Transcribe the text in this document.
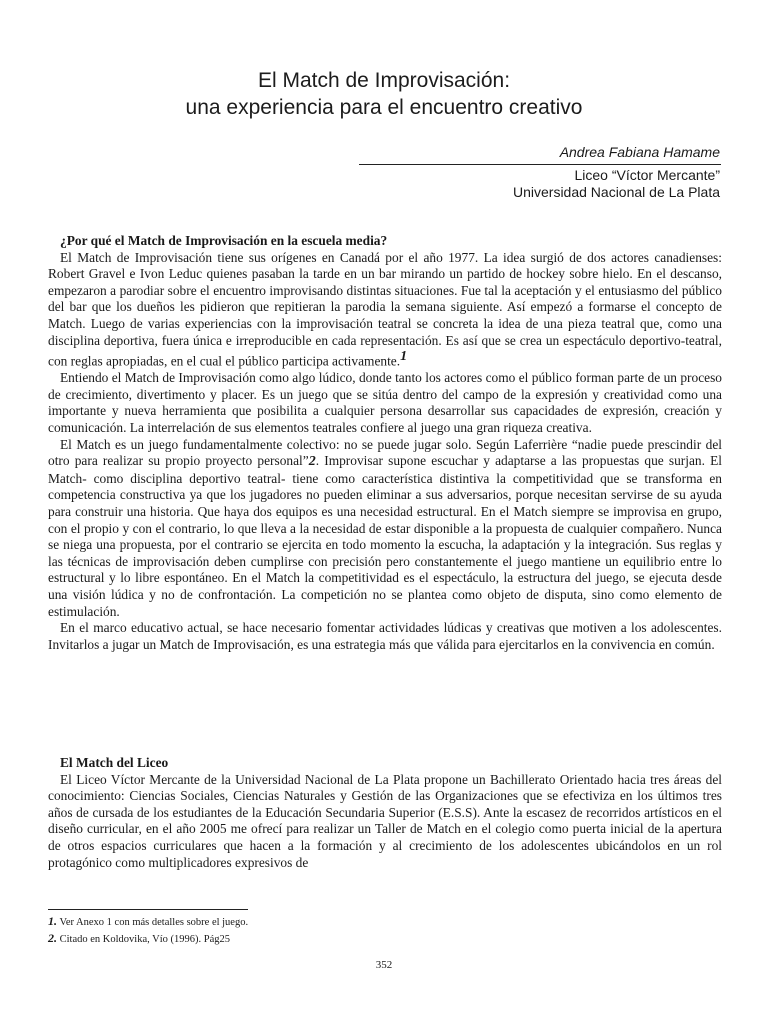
El Match de Improvisación:
una experiencia para el encuentro creativo
Andrea Fabiana Hamame
Liceo “Víctor Mercante”
Universidad Nacional de La Plata
¿Por qué el Match de Improvisación en la escuela media?

El Match de Improvisación tiene sus orígenes en Canadá por el año 1977. La idea surgió de dos actores canadienses: Robert Gravel e Ivon Leduc quienes pasaban la tarde en un bar mirando un partido de hockey sobre hielo. En el descanso, empezaron a parodiar sobre el encuentro improvisando distintas situaciones. Fue tal la aceptación y el entusiasmo del público del bar que los dueños les pidieron que repitieran la parodia la semana siguiente. Así empezó a formarse el concepto de Match. Luego de varias experiencias con la improvisación teatral se concreta la idea de una pieza teatral que, como una disciplina deportiva, fuera única e irreproducible en cada representación. Es así que se crea un espectáculo deportivo-teatral, con reglas apropiadas, en el cual el público participa activamente.$^1$

Entiendo el Match de Improvisación como algo lúdico, donde tanto los actores como el público forman parte de un proceso de crecimiento, divertimento y placer. Es un juego que se sitúa dentro del campo de la expresión y creatividad como una importante y nueva herramienta que posibilita a cualquier persona desarrollar sus capacidades de expresión, creación y comunicación. La interrelación de sus elementos teatrales confiere al juego una gran riqueza creativa.

El Match es un juego fundamentalmente colectivo: no se puede jugar solo. Según Laferrière “nadie puede prescindir del otro para realizar su propio proyecto personal”2. Improvisar supone escuchar y adaptarse a las propuestas que surjan. El Match- como disciplina deportivo teatral- tiene como característica distintiva la competitividad que se transforma en competencia constructiva ya que los jugadores no pueden eliminar a sus adversarios, porque necesitan servirse de su ayuda para construir una historia. Que haya dos equipos es una necesidad estructural. En el Match siempre se improvisa en grupo, con el propio y con el contrario, lo que lleva a la necesidad de estar disponible a la propuesta de cualquier compañero. Nunca se niega una propuesta, por el contrario se ejercita en todo momento la escucha, la adaptación y la integración. Sus reglas y las técnicas de improvisación deben cumplirse con precisión pero constantemente el juego mantiene un equilibrio entre lo estructural y lo libre espontáneo. En el Match la competitividad es el espectáculo, la estructura del juego, se ejecuta desde una visión lúdica y no de confrontación. La competición no se plantea como objeto de disputa, sino como elemento de estimulación.

En el marco educativo actual, se hace necesario fomentar actividades lúdicas y creativas que motiven a los adolescentes. Invitarlos a jugar un Match de Improvisación, es una estrategia más que válida para ejercitarlos en la convivencia en común.

El Match del Liceo

El Liceo Víctor Mercante de la Universidad Nacional de La Plata propone un Bachillerato Orientado hacia tres áreas del conocimiento: Ciencias Sociales, Ciencias Naturales y Gestión de las Organizaciones que se efectiviza en los últimos tres años de cursada de los estudiantes de la Educación Secundaria Superior (E.S.S). Ante la escasez de recorridos artísticos en el diseño curricular, en el año 2005 me ofrecí para realizar un Taller de Match en el colegio como puerta inicial de la apertura de otros espacios curriculares que hacen a la formación y al crecimiento de los adolescentes ubicándolos en un rol protagónico como multiplicadores expresivos de

1. Ver Anexo 1 con más detalles sobre el juego.
2. Citado en Koldovika, Vío (1996). Pág25
352
